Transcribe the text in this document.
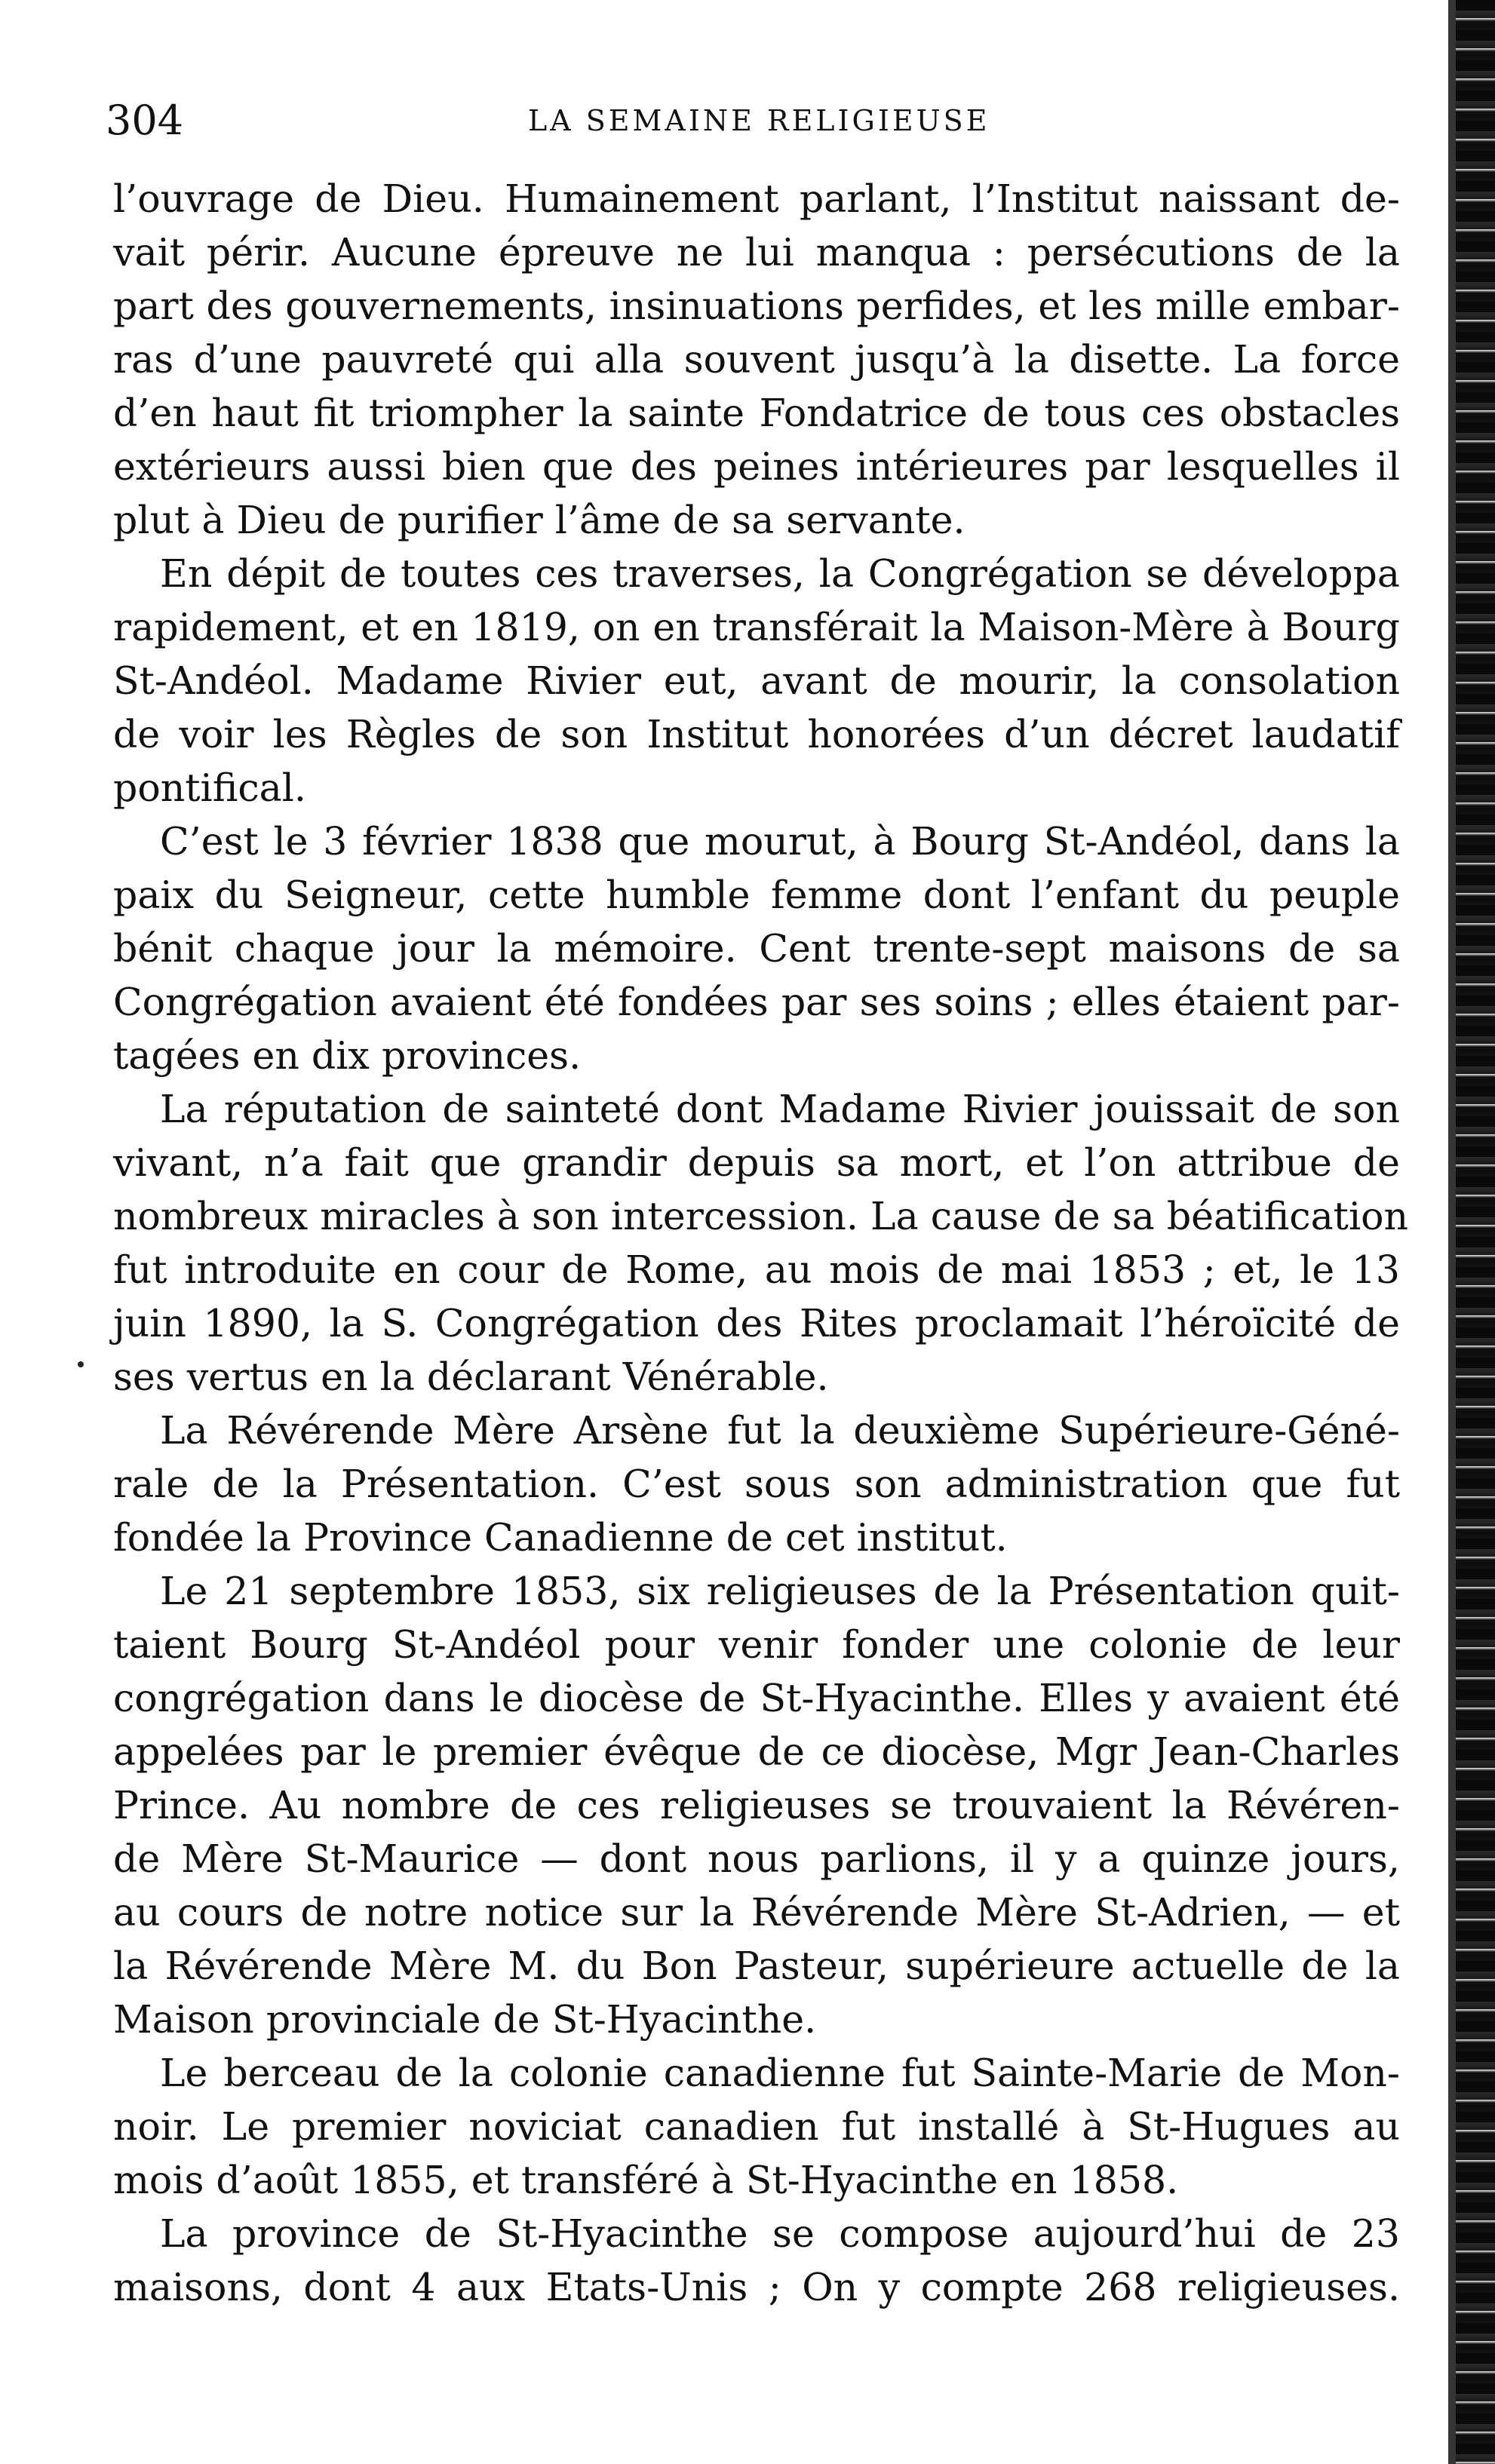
304	LA SEMAINE RELIGIEUSE
l’ouvrage de Dieu. Humainement parlant, l’Institut naissant de-
vait périr. Aucune épreuve ne lui manqua : persécutions de la
part des gouvernements, insinuations perfides, et les mille embar-
ras d’une pauvreté qui alla souvent jusqu’à la disette. La force
d’en haut fit triompher la sainte Fondatrice de tous ces obstacles
extérieurs aussi bien que des peines intérieures par lesquelles il
plut à Dieu de purifier l’âme de sa servante.
En dépit de toutes ces traverses, la Congrégation se développa
rapidement, et en 1819, on en transférait la Maison-Mère à Bourg
St-Andéol. Madame Rivier eut, avant de mourir, la consolation
de voir les Règles de son Institut honorées d’un décret laudatif
pontifical.
C’est le 3 février 1838 que mourut, à Bourg St-Andéol, dans la
paix du Seigneur, cette humble femme dont l’enfant du peuple
bénit chaque jour la mémoire. Cent trente-sept maisons de sa
Congrégation avaient été fondées par ses soins ; elles étaient par-
tagées en dix provinces.
La réputation de sainteté dont Madame Rivier jouissait de son
vivant, n’a fait que grandir depuis sa mort, et l’on attribue de
nombreux miracles à son intercession. La cause de sa béatification
fut introduite en cour de Rome, au mois de mai 1853 ; et, le 13
juin 1890, la S. Congrégation des Rites proclamait l’héroïcité de
ses vertus en la déclarant Vénérable.
La Révérende Mère Arsène fut la deuxième Supérieure-Géné-
rale de la Présentation. C’est sous son administration que fut
fondée la Province Canadienne de cet institut.
Le 21 septembre 1853, six religieuses de la Présentation quit-
taient Bourg St-Andéol pour venir fonder une colonie de leur
congrégation dans le diocèse de St-Hyacinthe. Elles y avaient été
appelées par le premier évêque de ce diocèse, Mgr Jean-Charles
Prince. Au nombre de ces religieuses se trouvaient la Révéren-
de Mère St-Maurice — dont nous parlions, il y a quinze jours,
au cours de notre notice sur la Révérende Mère St-Adrien, — et
la Révérende Mère M. du Bon Pasteur, supérieure actuelle de la
Maison provinciale de St-Hyacinthe.
Le berceau de la colonie canadienne fut Sainte-Marie de Mon-
noir. Le premier noviciat canadien fut installé à St-Hugues au
mois d’août 1855, et transféré à St-Hyacinthe en 1858.
La province de St-Hyacinthe se compose aujourd’hui de 23
maisons, dont 4 aux Etats-Unis ; On y compte 268 religieuses.
